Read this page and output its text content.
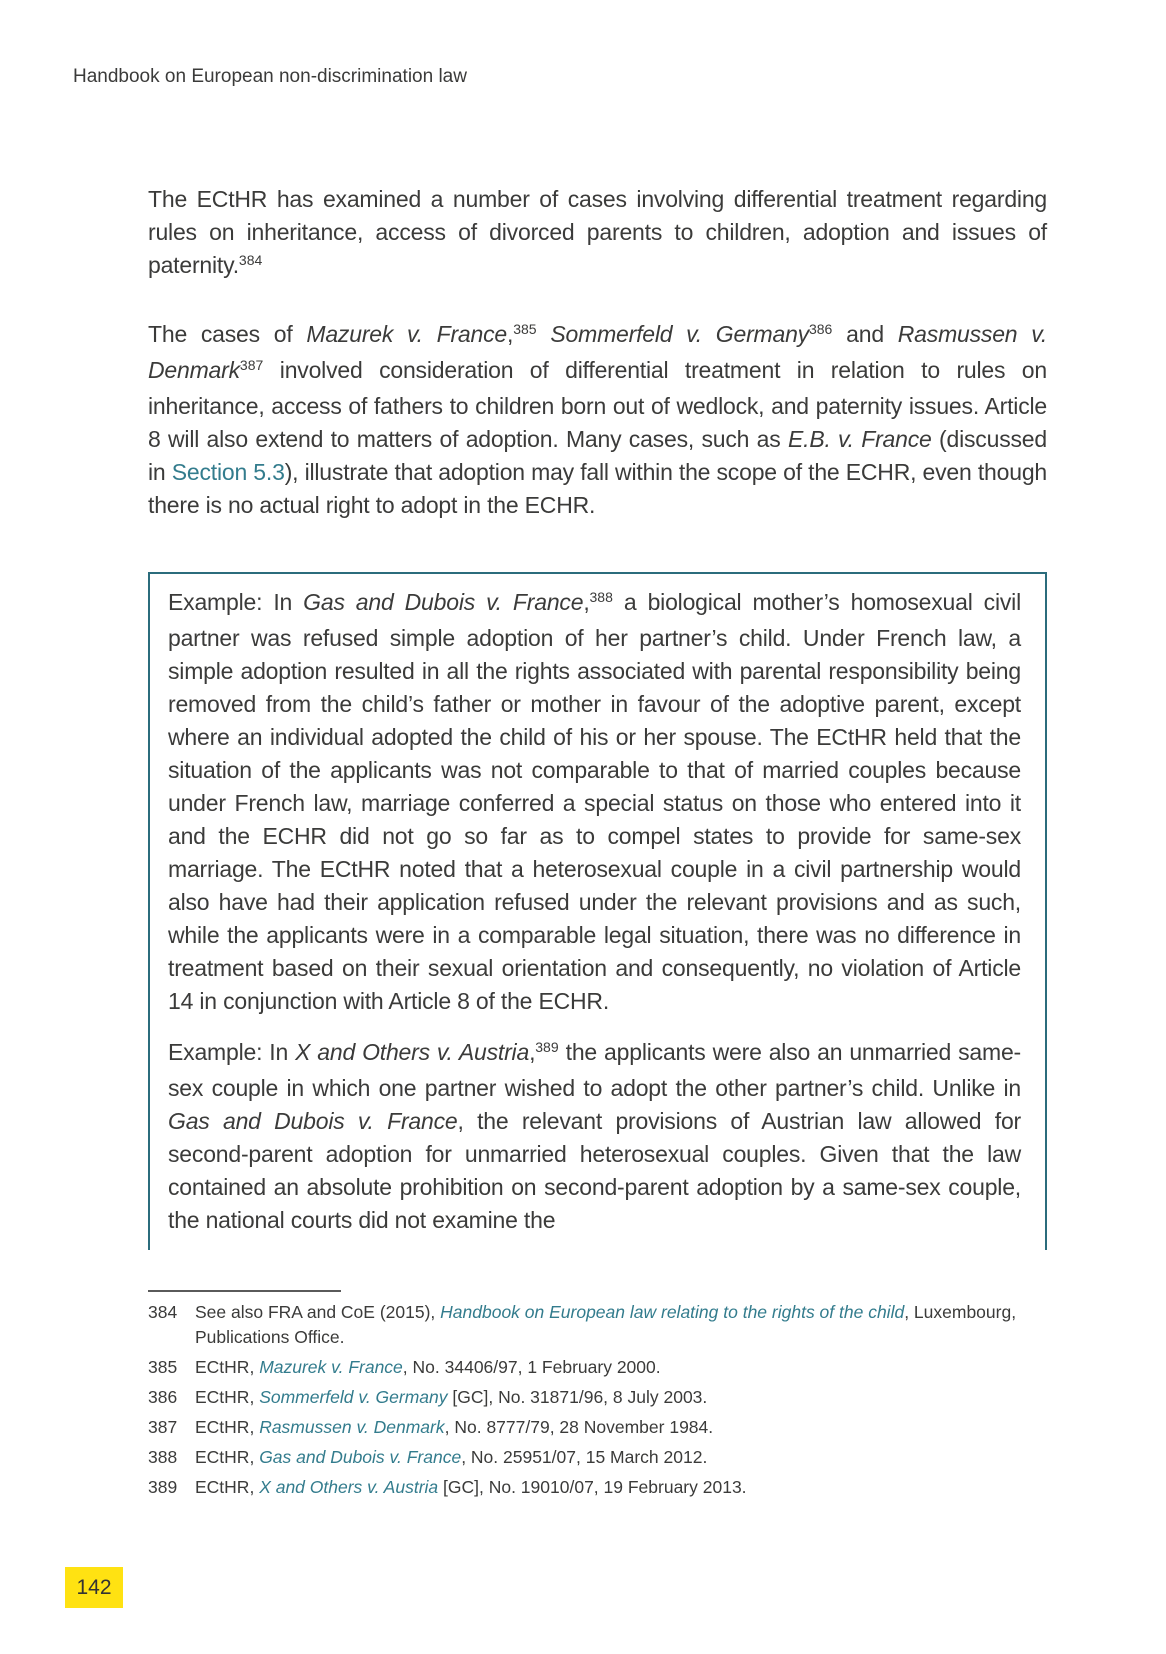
Handbook on European non-discrimination law

The ECtHR has examined a number of cases involving differential treatment regarding rules on inheritance, access of divorced parents to children, adoption and issues of paternity.$^{384}$

The cases of Mazurek v. France,$^{385}$ Sommerfeld v. Germany$^{386}$ and Rasmussen v. Denmark$^{387}$ involved consideration of differential treatment in relation to rules on inheritance, access of fathers to children born out of wedlock, and paternity issues. Article 8 will also extend to matters of adoption. Many cases, such as E.B. v. France (discussed in Section 5.3), illustrate that adoption may fall within the scope of the ECHR, even though there is no actual right to adopt in the ECHR.

Example: In Gas and Dubois v. France,$^{388}$ a biological mother’s homosexual civil partner was refused simple adoption of her partner’s child. Under French law, a simple adoption resulted in all the rights associated with parental responsibility being removed from the child’s father or mother in favour of the adoptive parent, except where an individual adopted the child of his or her spouse. The ECtHR held that the situation of the applicants was not comparable to that of married couples because under French law, marriage conferred a special status on those who entered into it and the ECHR did not go so far as to compel states to provide for same-sex marriage. The ECtHR noted that a heterosexual couple in a civil partnership would also have had their application refused under the relevant provisions and as such, while the applicants were in a comparable legal situation, there was no difference in treatment based on their sexual orientation and consequently, no violation of Article 14 in conjunction with Article 8 of the ECHR.

Example: In X and Others v. Austria,$^{389}$ the applicants were also an unmarried same-sex couple in which one partner wished to adopt the other partner’s child. Unlike in Gas and Dubois v. France, the relevant provisions of Austrian law allowed for second-parent adoption for unmarried heterosexual couples. Given that the law contained an absolute prohibition on second-parent adoption by a same-sex couple, the national courts did not examine the

384	See also FRA and CoE (2015), Handbook on European law relating to the rights of the child, Luxembourg, Publications Office.
385	ECtHR, Mazurek v. France, No. 34406/97, 1 February 2000.
386	ECtHR, Sommerfeld v. Germany [GC], No. 31871/96, 8 July 2003.
387	ECtHR, Rasmussen v. Denmark, No. 8777/79, 28 November 1984.
388	ECtHR, Gas and Dubois v. France, No. 25951/07, 15 March 2012.
389	ECtHR, X and Others v. Austria [GC], No. 19010/07, 19 February 2013.
142
